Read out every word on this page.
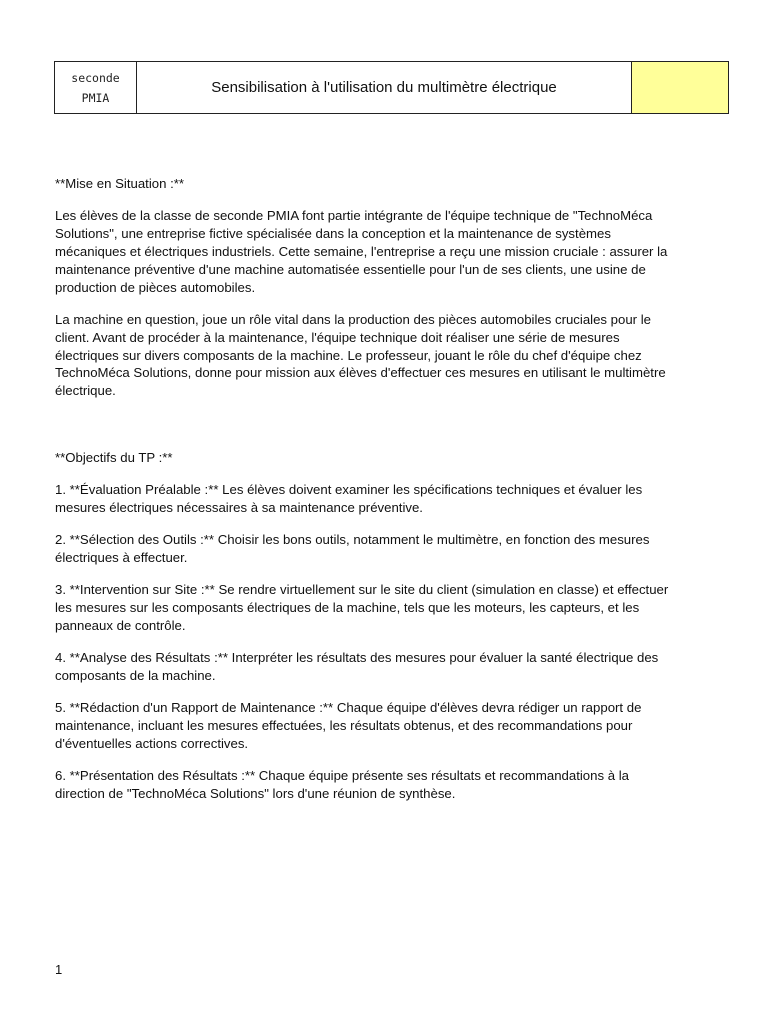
seconde
PMIA
Sensibilisation à l'utilisation du multimètre électrique

**Mise en Situation :**

Les élèves de la classe de seconde PMIA font partie intégrante de l'équipe technique de "TechnoMéca Solutions", une entreprise fictive spécialisée dans la conception et la maintenance de systèmes mécaniques et électriques industriels. Cette semaine, l'entreprise a reçu une mission cruciale : assurer la maintenance préventive d'une machine automatisée essentielle pour l'un de ses clients, une usine de production de pièces automobiles.

La machine en question, joue un rôle vital dans la production des pièces automobiles cruciales pour le client. Avant de procéder à la maintenance, l'équipe technique doit réaliser une série de mesures électriques sur divers composants de la machine. Le professeur, jouant le rôle du chef d'équipe chez TechnoMéca Solutions, donne pour mission aux élèves d'effectuer ces mesures en utilisant le multimètre électrique.

**Objectifs du TP :**

1. **Évaluation Préalable :** Les élèves doivent examiner les spécifications techniques et évaluer les mesures électriques nécessaires à sa maintenance préventive.

2. **Sélection des Outils :** Choisir les bons outils, notamment le multimètre, en fonction des mesures électriques à effectuer.

3. **Intervention sur Site :** Se rendre virtuellement sur le site du client (simulation en classe) et effectuer les mesures sur les composants électriques de la machine, tels que les moteurs, les capteurs, et les panneaux de contrôle.

4. **Analyse des Résultats :** Interpréter les résultats des mesures pour évaluer la santé électrique des composants de la machine.

5. **Rédaction d'un Rapport de Maintenance :** Chaque équipe d'élèves devra rédiger un rapport de maintenance, incluant les mesures effectuées, les résultats obtenus, et des recommandations pour d'éventuelles actions correctives.

6. **Présentation des Résultats :** Chaque équipe présente ses résultats et recommandations à la direction de "TechnoMéca Solutions" lors d'une réunion de synthèse.

1
